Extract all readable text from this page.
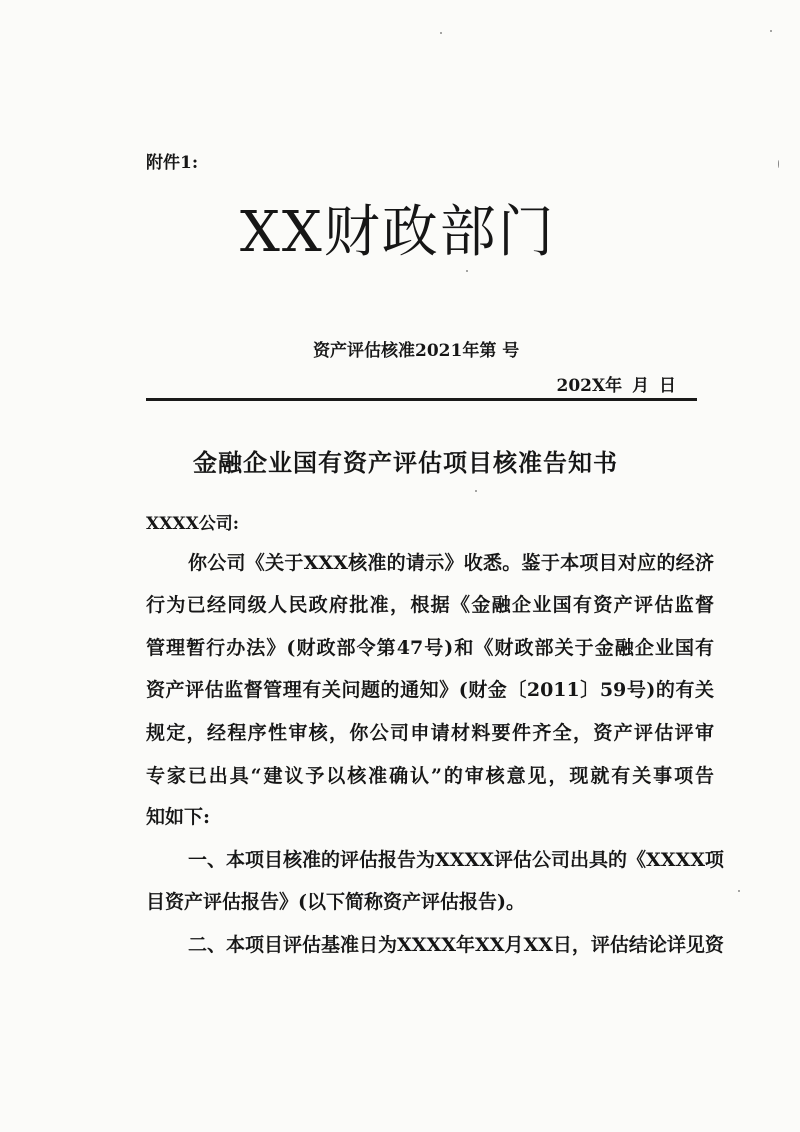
附件1:
XX财政部门
资产评估核准2021年第 号
202X年 月 日
金融企业国有资产评估项目核准告知书
XXXX公司:
你公司《关于XXX核准的请示》收悉。鉴于本项目对应的经济
行为已经同级人民政府批准，根据《金融企业国有资产评估监督
管理暂行办法》(财政部令第47号)和《财政部关于金融企业国有
资产评估监督管理有关问题的通知》(财金〔2011〕59号)的有关
规定，经程序性审核，你公司申请材料要件齐全，资产评估评审
专家已出具“建议予以核准确认”的审核意见，现就有关事项告
知如下:
一、本项目核准的评估报告为XXXX评估公司出具的《XXXX项
目资产评估报告》(以下简称资产评估报告)。
二、本项目评估基准日为XXXX年XX月XX日，评估结论详见资
